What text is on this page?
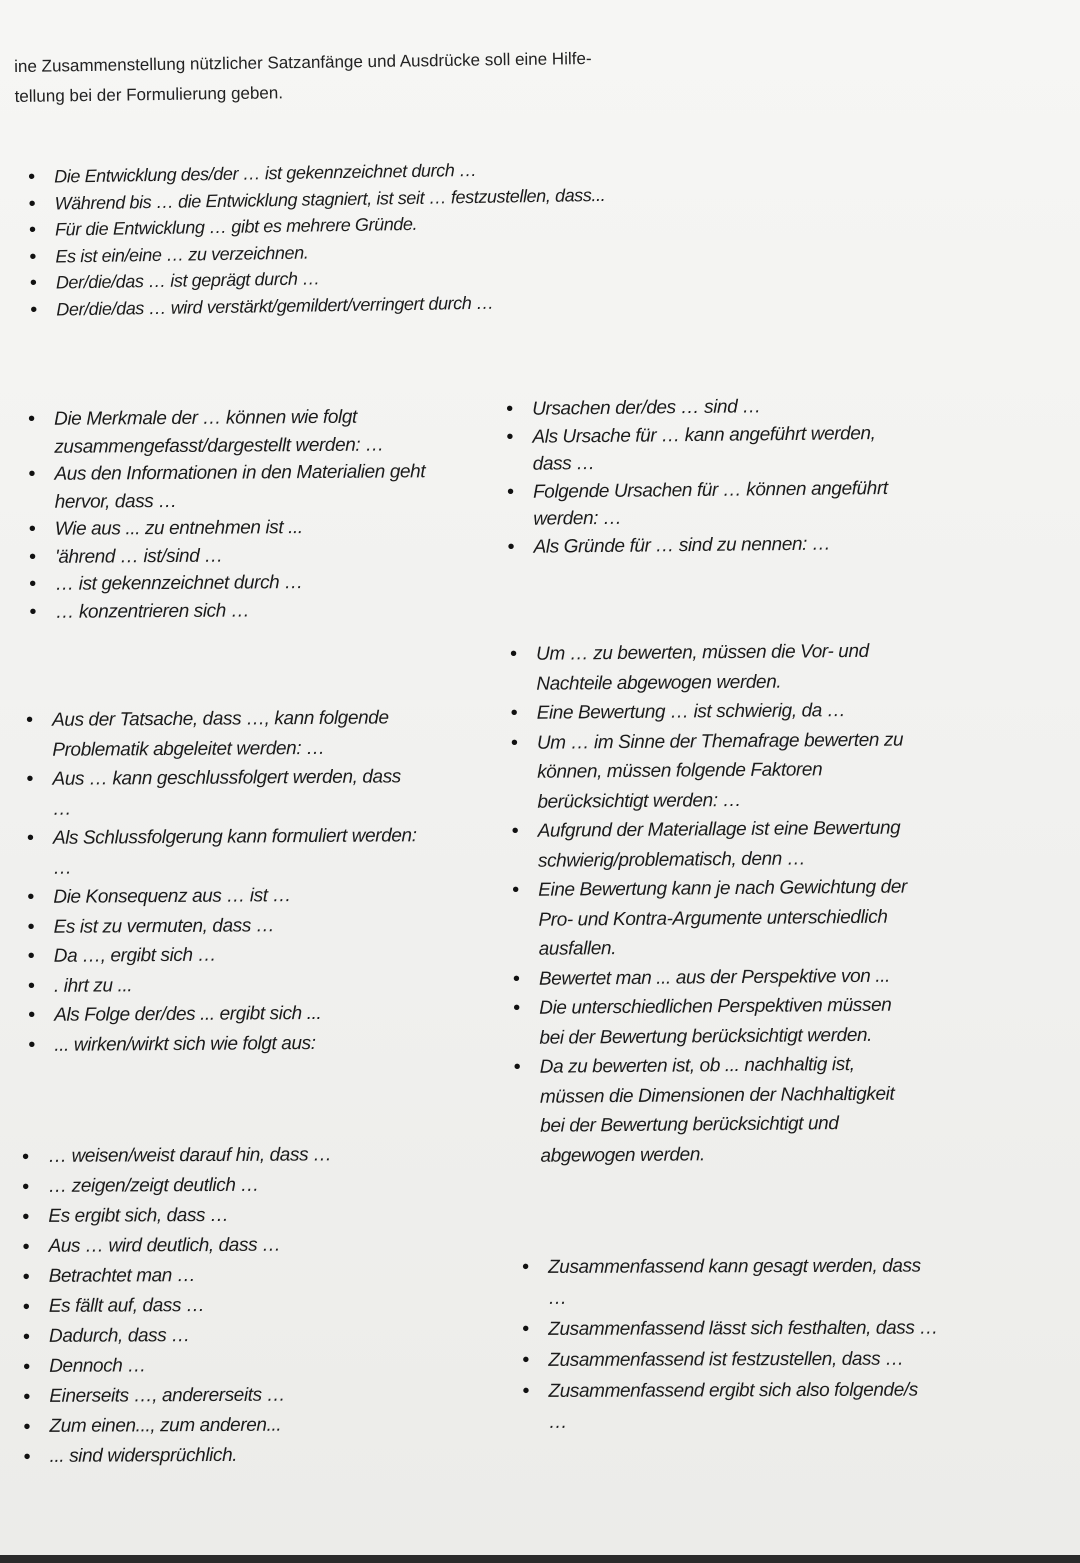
ine Zusammenstellung nützlicher Satzanfänge und Ausdrücke soll eine Hilfe-

tellung bei der Formulierung geben.

• Die Entwicklung des/der … ist gekennzeichnet durch …
• Während bis … die Entwicklung stagniert, ist seit … festzustellen, dass...
• Für die Entwicklung … gibt es mehrere Gründe.
• Es ist ein/eine … zu verzeichnen.
• Der/die/das … ist geprägt durch …
• Der/die/das … wird verstärkt/gemildert/verringert durch …
• Die Merkmale der … können wie folgt zusammengefasst/dargestellt werden: …
• Aus den Informationen in den Materialien geht hervor, dass …
• Wie aus ... zu entnehmen ist ...
• 'ährend … ist/sind …
• … ist gekennzeichnet durch …
• … konzentrieren sich …
• Ursachen der/des … sind …
• Als Ursache für … kann angeführt werden, dass …
• Folgende Ursachen für … können angeführt werden: …
• Als Gründe für … sind zu nennen: …
• Um … zu bewerten, müssen die Vor- und Nachteile abgewogen werden.
• Eine Bewertung … ist schwierig, da …
• Um … im Sinne der Themafrage bewerten zu können, müssen folgende Faktoren berücksichtigt werden: …
• Aufgrund der Materiallage ist eine Bewertung schwierig/problematisch, denn …
• Eine Bewertung kann je nach Gewichtung der Pro- und Kontra-Argumente unterschiedlich ausfallen.
• Bewertet man ... aus der Perspektive von ...
• Die unterschiedlichen Perspektiven müssen bei der Bewertung berücksichtigt werden.
• Da zu bewerten ist, ob ... nachhaltig ist, müssen die Dimensionen der Nachhaltigkeit bei der Bewertung berücksichtigt und abgewogen werden.
• Aus der Tatsache, dass …, kann folgende Problematik abgeleitet werden: …
• Aus … kann geschlussfolgert werden, dass …
• Als Schlussfolgerung kann formuliert werden: …
• Die Konsequenz aus … ist …
• Es ist zu vermuten, dass …
• Da …, ergibt sich …
• . ihrt zu ...
• Als Folge der/des ... ergibt sich ...
• ... wirken/wirkt sich wie folgt aus:
• … weisen/weist darauf hin, dass …
• … zeigen/zeigt deutlich …
• Es ergibt sich, dass …
• Aus … wird deutlich, dass …
• Betrachtet man …
• Es fällt auf, dass …
• Dadurch, dass …
• Dennoch …
• Einerseits …, andererseits …
• Zum einen..., zum anderen...
• ... sind widersprüchlich.
• Zusammenfassend kann gesagt werden, dass …
• Zusammenfassend lässt sich festhalten, dass …
• Zusammenfassend ist festzustellen, dass …
• Zusammenfassend ergibt sich also folgende/s …
